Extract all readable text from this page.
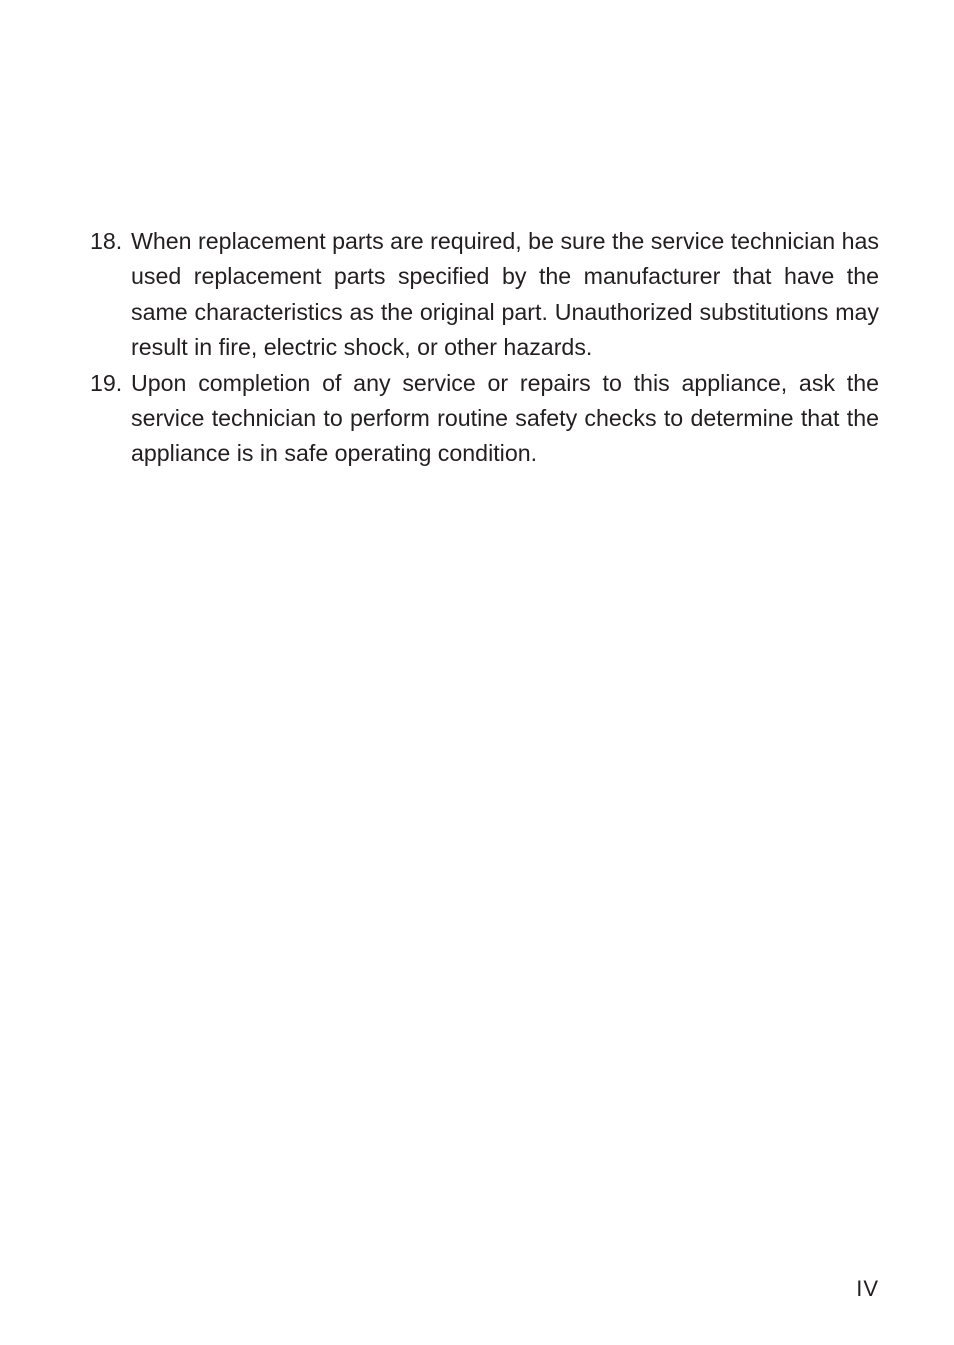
18. When replacement parts are required, be sure the service technician has used replacement parts specified by the manufacturer that have the same characteristics as the original part. Unauthorized substitutions may result in fire, electric shock, or other hazards.
19. Upon completion of any service or repairs to this appliance, ask the service technician to perform routine safety checks to determine that the appliance is in safe operating condition.
IV
